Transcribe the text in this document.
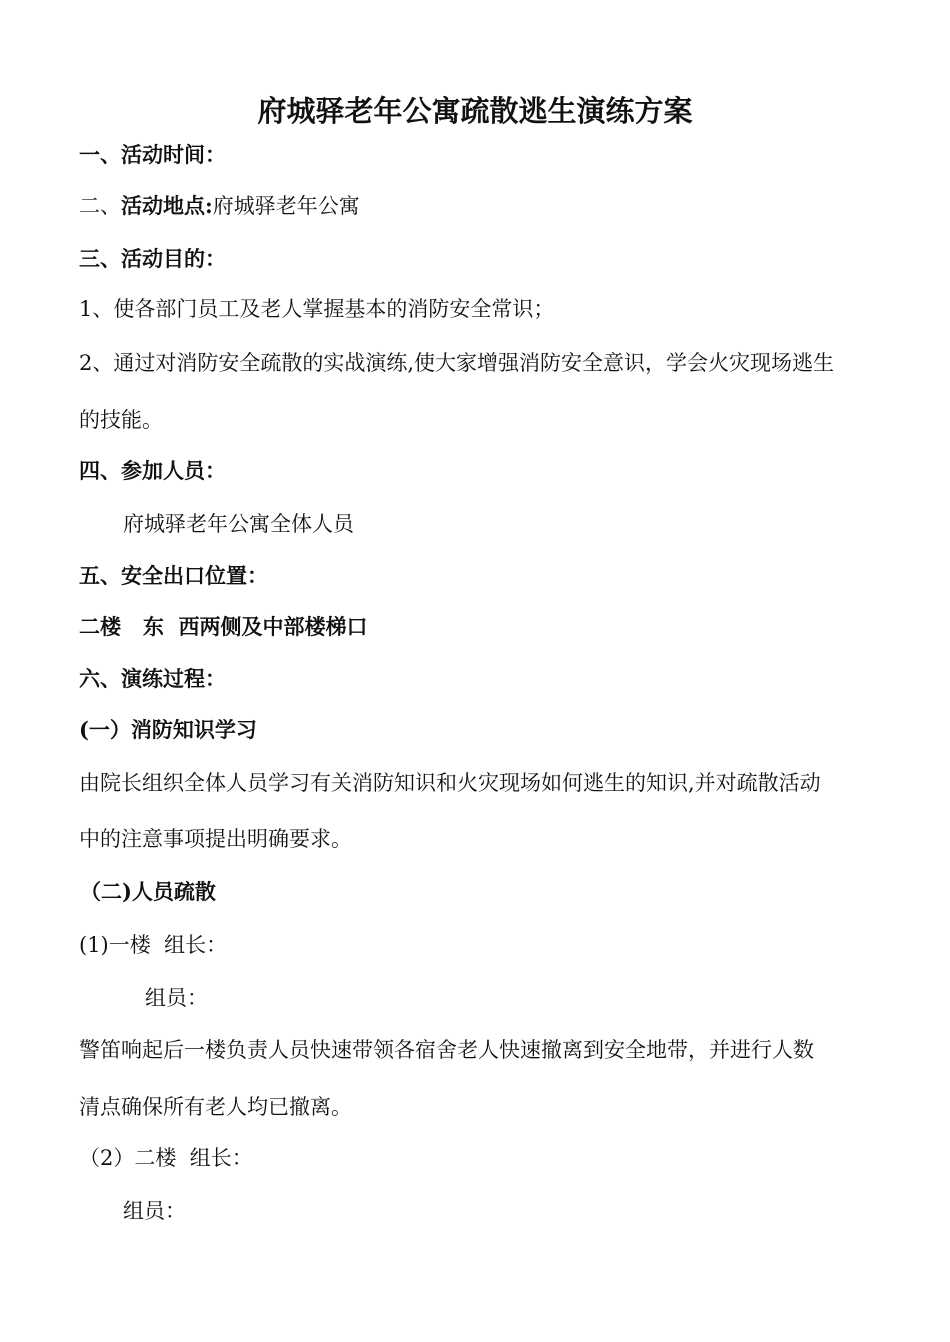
府城驿老年公寓疏散逃生演练方案
一、活动时间：
二、活动地点:府城驿老年公寓
三、活动目的：
1、使各部门员工及老人掌握基本的消防安全常识；
2、通过对消防安全疏散的实战演练,使大家增强消防安全意识，学会火灾现场逃生
的技能。
四、参加人员：
府城驿老年公寓全体人员
五、安全出口位置：
二楼   东  西两侧及中部楼梯口
六、演练过程：
(一）消防知识学习
由院长组织全体人员学习有关消防知识和火灾现场如何逃生的知识,并对疏散活动
中的注意事项提出明确要求。
（二)人员疏散
(1)一楼  组长：
组员：
警笛响起后一楼负责人员快速带领各宿舍老人快速撤离到安全地带，并进行人数
清点确保所有老人均已撤离。
（2）二楼  组长：
组员：
